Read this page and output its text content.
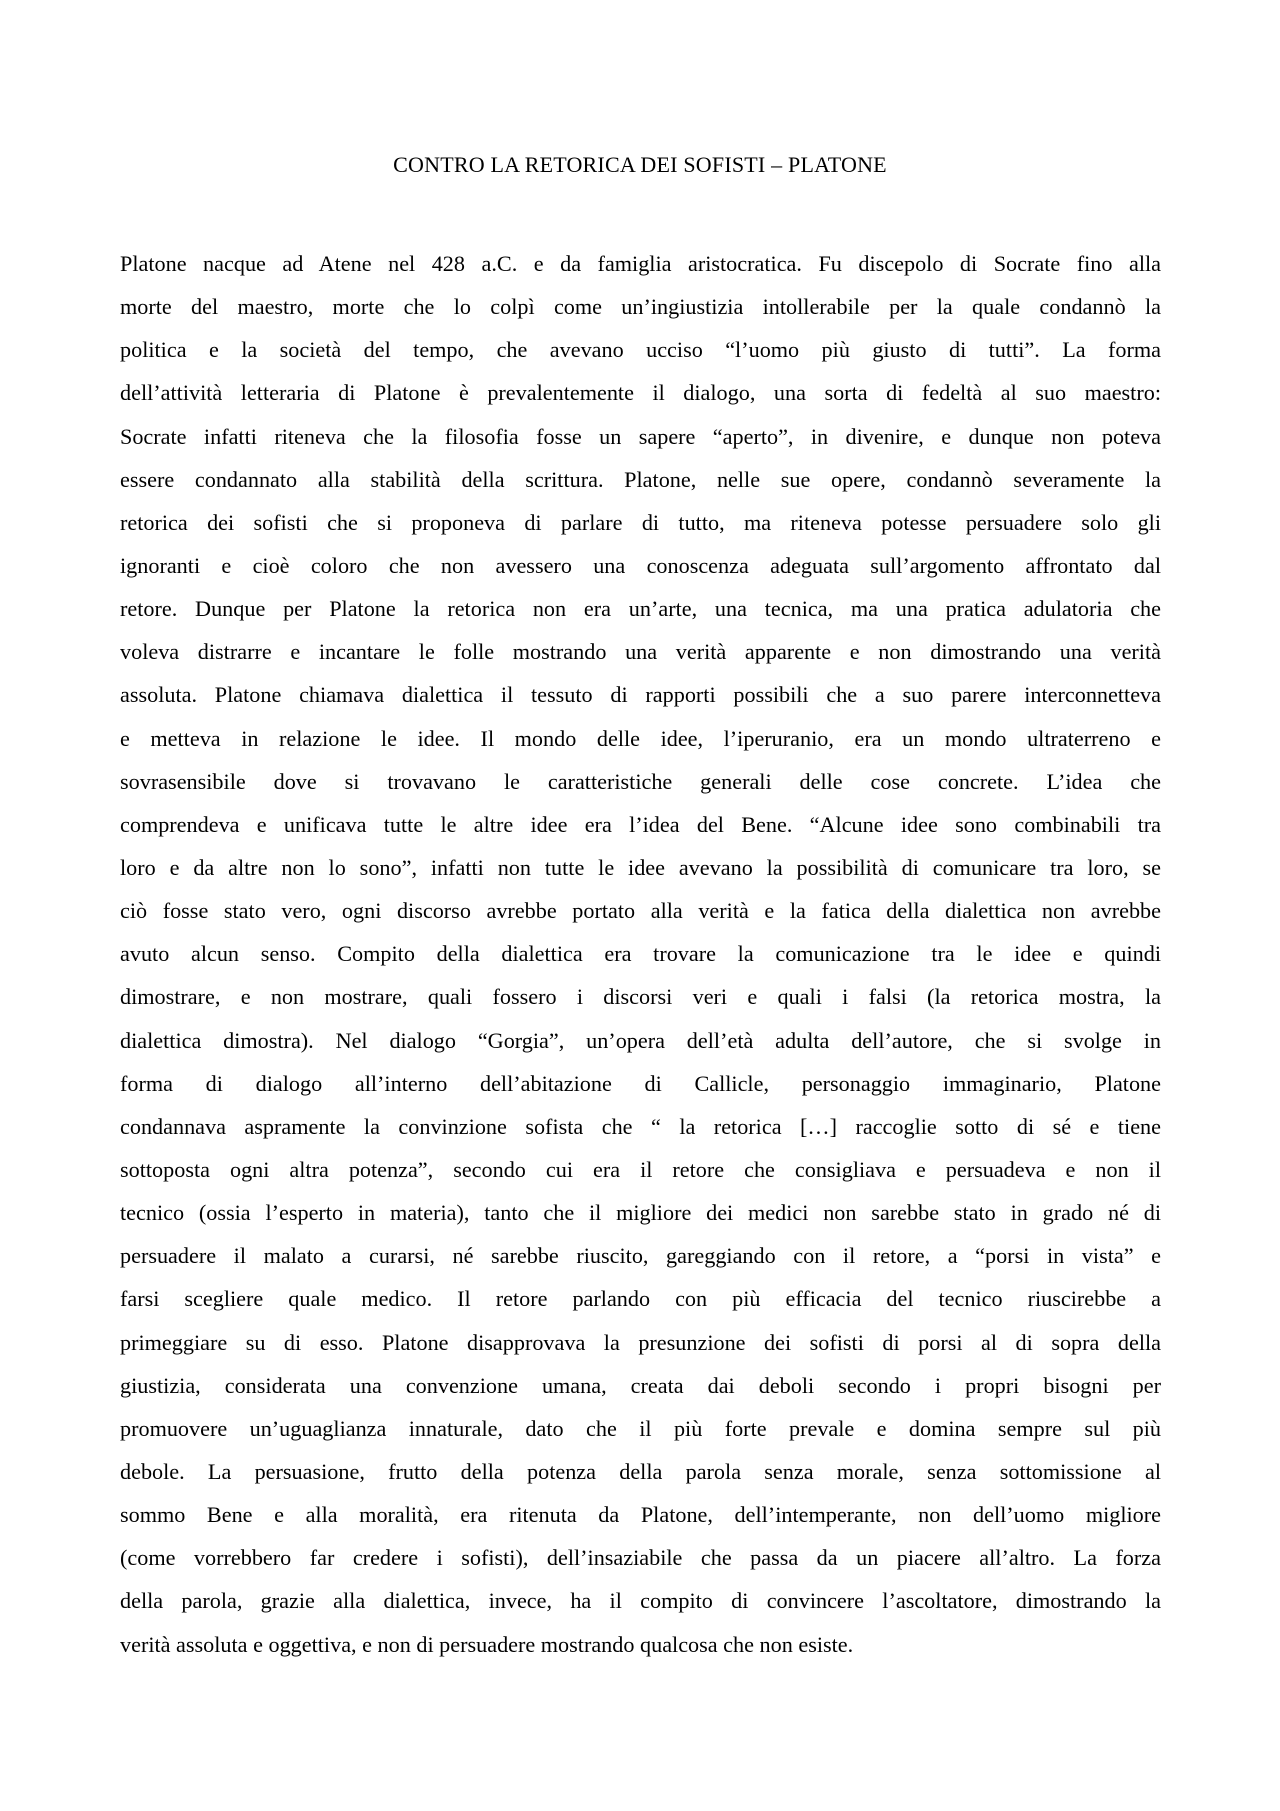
CONTRO LA RETORICA DEI SOFISTI – PLATONE
Platone nacque ad Atene nel 428 a.C. e da famiglia aristocratica. Fu discepolo di Socrate fino alla
morte del maestro, morte che lo colpì come un’ingiustizia intollerabile per la quale condannò la
politica e la società del tempo, che avevano ucciso “l’uomo più giusto di tutti”. La forma
dell’attività letteraria di Platone è prevalentemente il dialogo, una sorta di fedeltà al suo maestro:
Socrate infatti riteneva che la filosofia fosse un sapere “aperto”, in divenire, e dunque non poteva
essere condannato alla stabilità della scrittura. Platone, nelle sue opere, condannò severamente la
retorica dei sofisti che si proponeva di parlare di tutto, ma riteneva potesse persuadere solo gli
ignoranti e cioè coloro che non avessero una conoscenza adeguata sull’argomento affrontato dal
retore. Dunque per Platone la retorica non era un’arte, una tecnica, ma una pratica adulatoria che
voleva distrarre e incantare le folle mostrando una verità apparente e non dimostrando una verità
assoluta. Platone chiamava dialettica il tessuto di rapporti possibili che a suo parere interconnetteva
e metteva in relazione le idee. Il mondo delle idee, l’iperuranio, era un mondo ultraterreno e
sovrasensibile dove si trovavano le caratteristiche generali delle cose concrete. L’idea che
comprendeva e unificava tutte le altre idee era l’idea del Bene. “Alcune idee sono combinabili tra
loro e da altre non lo sono”, infatti non tutte le idee avevano la possibilità di comunicare tra loro, se
ciò fosse stato vero, ogni discorso avrebbe portato alla verità e la fatica della dialettica non avrebbe
avuto alcun senso. Compito della dialettica era trovare la comunicazione tra le idee e quindi
dimostrare, e non mostrare, quali fossero i discorsi veri e quali i falsi (la retorica mostra, la
dialettica dimostra). Nel dialogo “Gorgia”, un’opera dell’età adulta dell’autore, che si svolge in
forma di dialogo all’interno dell’abitazione di Callicle, personaggio immaginario, Platone
condannava aspramente la convinzione sofista che “ la retorica […] raccoglie sotto di sé e tiene
sottoposta ogni altra potenza”, secondo cui era il retore che consigliava e persuadeva e non il
tecnico (ossia l’esperto in materia), tanto che il migliore dei medici non sarebbe stato in grado né di
persuadere il malato a curarsi, né sarebbe riuscito, gareggiando con il retore, a “porsi in vista” e
farsi scegliere quale medico. Il retore parlando con più efficacia del tecnico riuscirebbe a
primeggiare su di esso. Platone disapprovava la presunzione dei sofisti di porsi al di sopra della
giustizia, considerata una convenzione umana, creata dai deboli secondo i propri bisogni per
promuovere un’uguaglianza innaturale, dato che il più forte prevale e domina sempre sul più
debole. La persuasione, frutto della potenza della parola senza morale, senza sottomissione al
sommo Bene e alla moralità, era ritenuta da Platone, dell’intemperante, non dell’uomo migliore
(come vorrebbero far credere i sofisti), dell’insaziabile che passa da un piacere all’altro. La forza
della parola, grazie alla dialettica, invece, ha il compito di convincere l’ascoltatore, dimostrando la
verità assoluta e oggettiva, e non di persuadere mostrando qualcosa che non esiste.
